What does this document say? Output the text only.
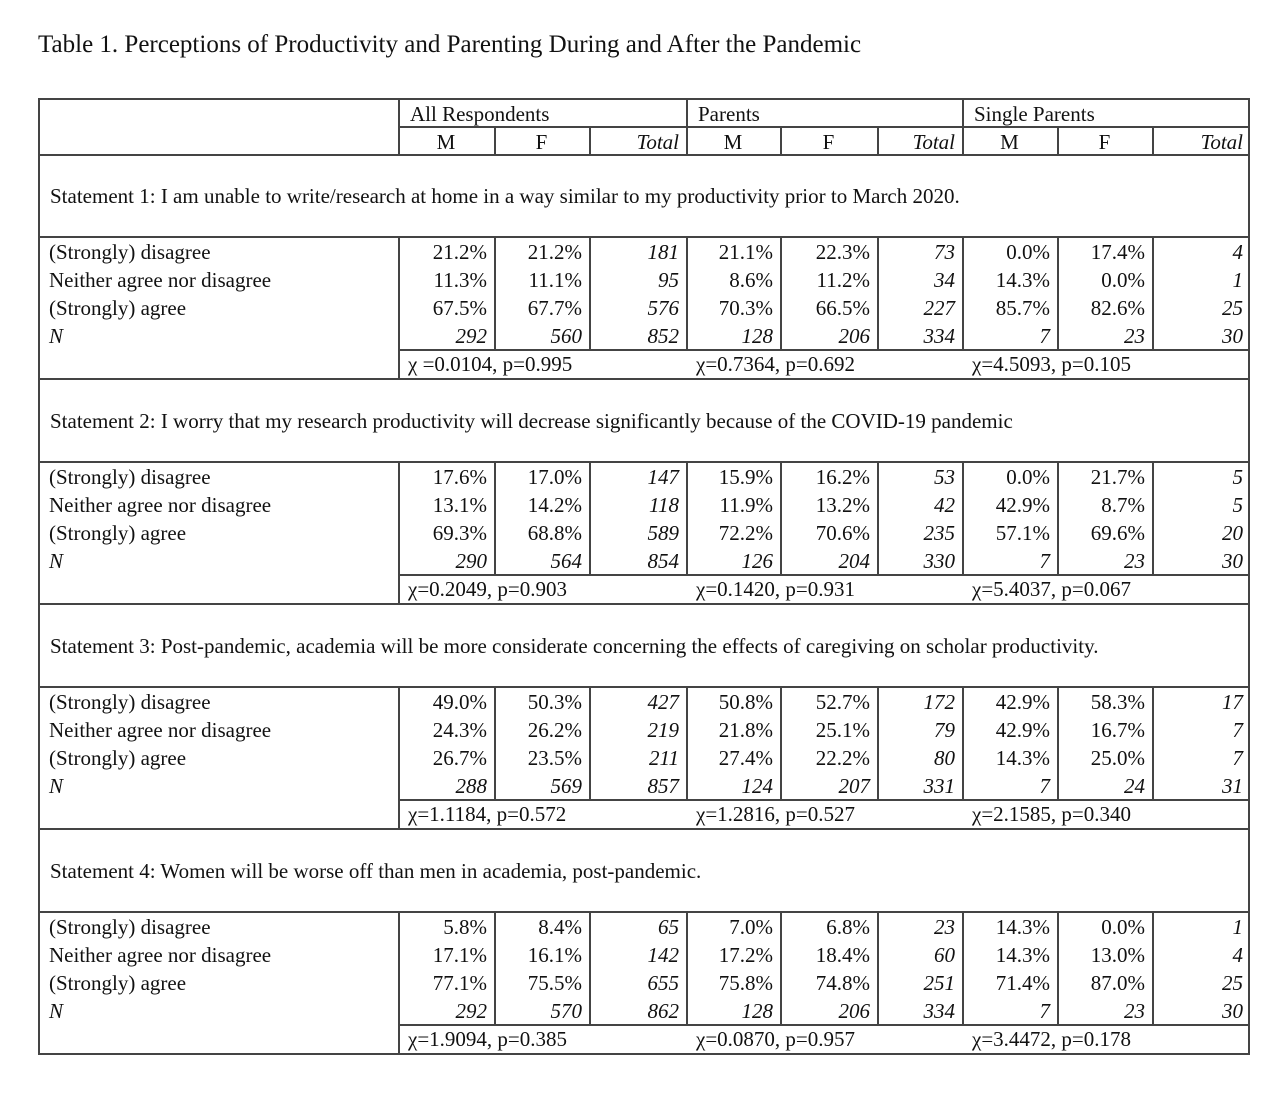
Table 1. Perceptions of Productivity and Parenting During and After the Pandemic
All Respondents	Parents	Single Parents
M	F	Total	M	F	Total	M	F	Total
Statement 1: I am unable to write/research at home in a way similar to my productivity prior to March 2020.
(Strongly) disagree	21.2%	21.2%	181	21.1%	22.3%	73	0.0%	17.4%	4
Neither agree nor disagree	11.3%	11.1%	95	8.6%	11.2%	34	14.3%	0.0%	1
(Strongly) agree	67.5%	67.7%	576	70.3%	66.5%	227	85.7%	82.6%	25
N	292	560	852	128	206	334	7	23	30
χ =0.0104, p=0.995	χ=0.7364, p=0.692	χ=4.5093, p=0.105
Statement 2: I worry that my research productivity will decrease significantly because of the COVID-19 pandemic
(Strongly) disagree	17.6%	17.0%	147	15.9%	16.2%	53	0.0%	21.7%	5
Neither agree nor disagree	13.1%	14.2%	118	11.9%	13.2%	42	42.9%	8.7%	5
(Strongly) agree	69.3%	68.8%	589	72.2%	70.6%	235	57.1%	69.6%	20
N	290	564	854	126	204	330	7	23	30
χ=0.2049, p=0.903	χ=0.1420, p=0.931	χ=5.4037, p=0.067
Statement 3: Post-pandemic, academia will be more considerate concerning the effects of caregiving on scholar productivity.
(Strongly) disagree	49.0%	50.3%	427	50.8%	52.7%	172	42.9%	58.3%	17
Neither agree nor disagree	24.3%	26.2%	219	21.8%	25.1%	79	42.9%	16.7%	7
(Strongly) agree	26.7%	23.5%	211	27.4%	22.2%	80	14.3%	25.0%	7
N	288	569	857	124	207	331	7	24	31
χ=1.1184, p=0.572	χ=1.2816, p=0.527	χ=2.1585, p=0.340
Statement 4: Women will be worse off than men in academia, post-pandemic.
(Strongly) disagree	5.8%	8.4%	65	7.0%	6.8%	23	14.3%	0.0%	1
Neither agree nor disagree	17.1%	16.1%	142	17.2%	18.4%	60	14.3%	13.0%	4
(Strongly) agree	77.1%	75.5%	655	75.8%	74.8%	251	71.4%	87.0%	25
N	292	570	862	128	206	334	7	23	30
χ=1.9094, p=0.385	χ=0.0870, p=0.957	χ=3.4472, p=0.178
